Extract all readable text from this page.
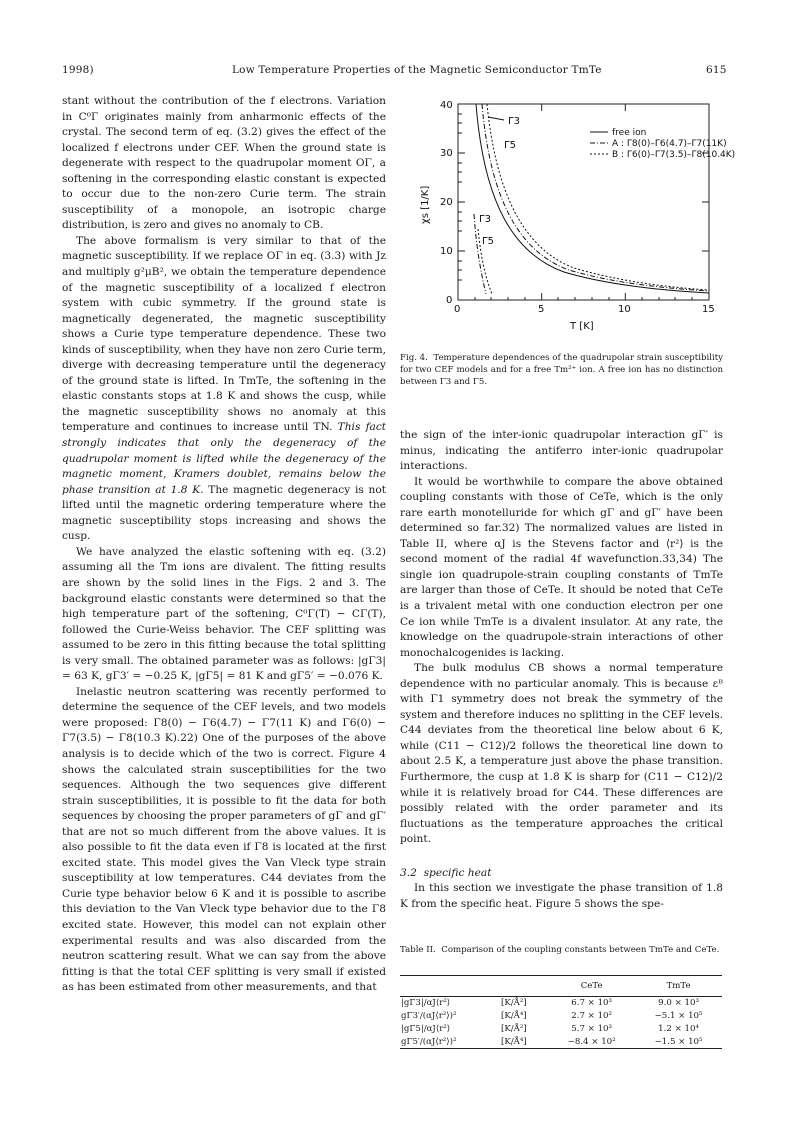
1998)	Low Temperature Properties of the Magnetic Semiconductor TmTe	615

stant without the contribution of the f electrons. Variation in C⁰Γ originates mainly from anharmonic effects of the crystal. The second term of eq. (3.2) gives the effect of the localized f electrons under CEF. When the ground state is degenerate with respect to the quadrupolar moment OΓ, a softening in the corresponding elastic constant is expected to occur due to the non-zero Curie term. The strain susceptibility of a monopole, an isotropic charge distribution, is zero and gives no anomaly to CB.

The above formalism is very similar to that of the magnetic susceptibility. If we replace OΓ in eq. (3.3) with Jz and multiply g²μB², we obtain the temperature dependence of the magnetic susceptibility of a localized f electron system with cubic symmetry. If the ground state is magnetically degenerated, the magnetic susceptibility shows a Curie type temperature dependence. These two kinds of susceptibility, when they have non zero Curie term, diverge with decreasing temperature until the degeneracy of the ground state is lifted. In TmTe, the softening in the elastic constants stops at 1.8 K and shows the cusp, while the magnetic susceptibility shows no anomaly at this temperature and continues to increase until TN. This fact strongly indicates that only the degeneracy of the quadrupolar moment is lifted while the degeneracy of the magnetic moment, Kramers doublet, remains below the phase transition at 1.8 K. The magnetic degeneracy is not lifted until the magnetic ordering temperature where the magnetic susceptibility stops increasing and shows the cusp.

We have analyzed the elastic softening with eq. (3.2) assuming all the Tm ions are divalent. The fitting results are shown by the solid lines in the Figs. 2 and 3. The background elastic constants were determined so that the high temperature part of the softening, C⁰Γ(T) − CΓ(T), followed the Curie-Weiss behavior. The CEF splitting was assumed to be zero in this fitting because the total splitting is very small. The obtained parameter was as follows: |gΓ3| = 63 K, gΓ3′ = −0.25 K, |gΓ5| = 81 K and gΓ5′ = −0.076 K.

Inelastic neutron scattering was recently performed to determine the sequence of the CEF levels, and two models were proposed: Γ8(0) − Γ6(4.7) − Γ7(11 K) and Γ6(0) − Γ7(3.5) − Γ8(10.3 K).22) One of the purposes of the above analysis is to decide which of the two is correct. Figure 4 shows the calculated strain susceptibilities for the two sequences. Although the two sequences give different strain susceptibilities, it is possible to fit the data for both sequences by choosing the proper parameters of gΓ and gΓ′ that are not so much different from the above values. It is also possible to fit the data even if Γ8 is located at the first excited state. This model gives the Van Vleck type strain susceptibility at low temperatures. C44 deviates from the Curie type behavior below 6 K and it is possible to ascribe this deviation to the Van Vleck type behavior due to the Γ8 excited state. However, this model can not explain other experimental results and was also discarded from the neutron scattering result. What we can say from the above fitting is that the total CEF splitting is very small if existed as has been estimated from other measurements, and that

Γ3
Γ5
Γ3
Γ5
free ion
A : Γ8(0)–Γ6(4.7)–Γ7(11K)
B : Γ6(0)–Γ7(3.5)–Γ8(10.4K)
0	5	10	15
0
10
20
30
40
T [K]
χs [1/K]
Fig. 4. Temperature dependences of the quadrupolar strain susceptibility for two CEF models and for a free Tm²⁺ ion. A free ion has no distinction between Γ3 and Γ5.

the sign of the inter-ionic quadrupolar interaction gΓ′ is minus, indicating the antiferro inter-ionic quadrupolar interactions.

It would be worthwhile to compare the above obtained coupling constants with those of CeTe, which is the only rare earth monotelluride for which gΓ and gΓ′ have been determined so far.32) The normalized values are listed in Table II, where αJ is the Stevens factor and ⟨r²⟩ is the second moment of the radial 4f wavefunction.33,34) The single ion quadrupole-strain coupling constants of TmTe are larger than those of CeTe. It should be noted that CeTe is a trivalent metal with one conduction electron per one Ce ion while TmTe is a divalent insulator. At any rate, the knowledge on the quadrupole-strain interactions of other monochalcogenides is lacking.

The bulk modulus CB shows a normal temperature dependence with no particular anomaly. This is because εᴮ with Γ1 symmetry does not break the symmetry of the system and therefore induces no splitting in the CEF levels. C44 deviates from the theoretical line below about 6 K, while (C11 − C12)/2 follows the theoretical line down to about 2.5 K, a temperature just above the phase transition. Furthermore, the cusp at 1.8 K is sharp for (C11 − C12)/2 while it is relatively broad for C44. These differences are possibly related with the order parameter and its fluctuations as the temperature approaches the critical point.

3.2 specific heat

In this section we investigate the phase transition of 1.8 K from the specific heat. Figure 5 shows the spe-

Table II. Comparison of the coupling constants between TmTe and CeTe.
		CeTe	TmTe
|gΓ3|/αJ⟨r²⟩	[K/Å²]	6.7 × 10³	9.0 × 10³
gΓ3′/(αJ⟨r²⟩)²	[K/Å⁴]	2.7 × 10²	−5.1 × 10⁵
|gΓ5|/αJ⟨r²⟩	[K/Å²]	5.7 × 10³	1.2 × 10⁴
gΓ5′/(αJ⟨r²⟩)²	[K/Å⁴]	−8.4 × 10²	−1.5 × 10⁵
